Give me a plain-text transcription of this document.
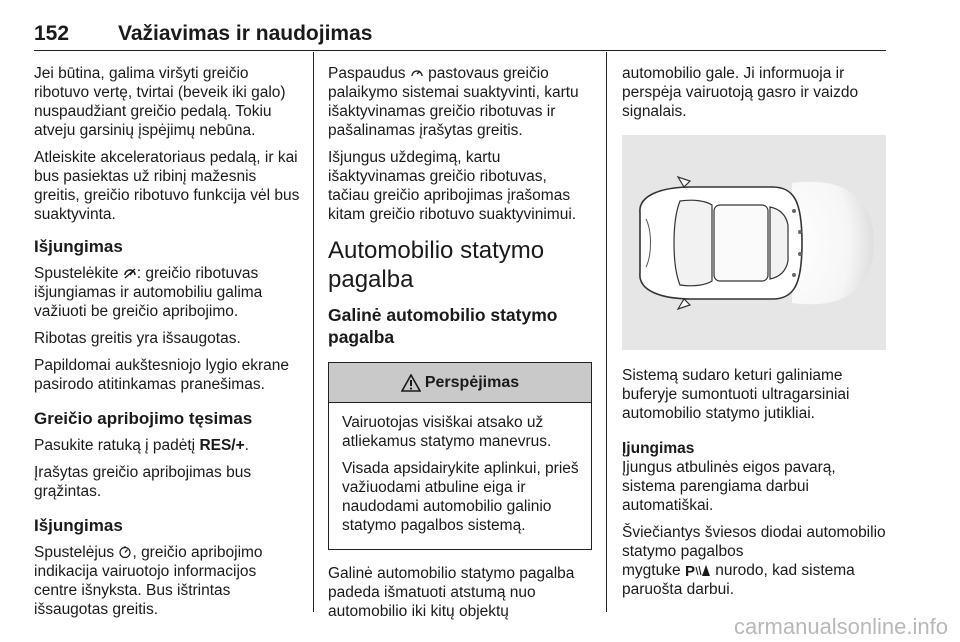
152 Važiavimas ir naudojimas

Jei būtina, galima viršyti greičio ribotuvo vertę, tvirtai (beveik iki galo) nuspaudžiant greičio pedalą. Tokiu atveju garsinių įspėjimų nebūna.

Atleiskite akceleratoriaus pedalą, ir kai bus pasiektas už ribinį mažesnis greitis, greičio ribotuvo funkcija vėl bus suaktyvinta.

Išjungimas

Spustelėkite : greičio ribotuvas išjungiamas ir automobiliu galima važiuoti be greičio apribojimo.

Ribotas greitis yra išsaugotas.

Papildomai aukštesniojo lygio ekrane pasirodo atitinkamas pranešimas.

Greičio apribojimo tęsimas

Pasukite ratuką į padėtį RES/+.

Įrašytas greičio apribojimas bus grąžintas.

Išjungimas

Spustelėjus , greičio apribojimo indikacija vairuotojo informacijos centre išnyksta. Bus ištrintas išsaugotas greitis.

Paspaudus  pastovaus greičio palaikymo sistemai suaktyvinti, kartu išaktyvinamas greičio ribotuvas ir pašalinamas įrašytas greitis.

Išjungus uždegimą, kartu išaktyvinamas greičio ribotuvas, tačiau greičio apribojimas įrašomas kitam greičio ribotuvo suaktyvinimui.

Automobilio statymo pagalba
Galinė automobilio statymo pagalba
Perspėjimas

Vairuotojas visiškai atsako už atliekamus statymo manevrus.

Visada apsidairykite aplinkui, prieš važiuodami atbuline eiga ir naudodami automobilio galinio statymo pagalbos sistemą.

Galinė automobilio statymo pagalba padeda išmatuoti atstumą nuo automobilio iki kitų objektų

automobilio gale. Ji informuoja ir perspėja vairuotoją gasro ir vaizdo signalais.

Sistemą sudaro keturi galiniame buferyje sumontuoti ultragarsiniai automobilio statymo jutikliai.

Įjungimas

Įjungus atbulinės eigos pavarą, sistema parengiama darbui automatiškai.

Šviečiantys šviesos diodai automobilio statymo pagalbos

mygtuke P nurodo, kad sistema paruošta darbui.

carmanualsonline.info
